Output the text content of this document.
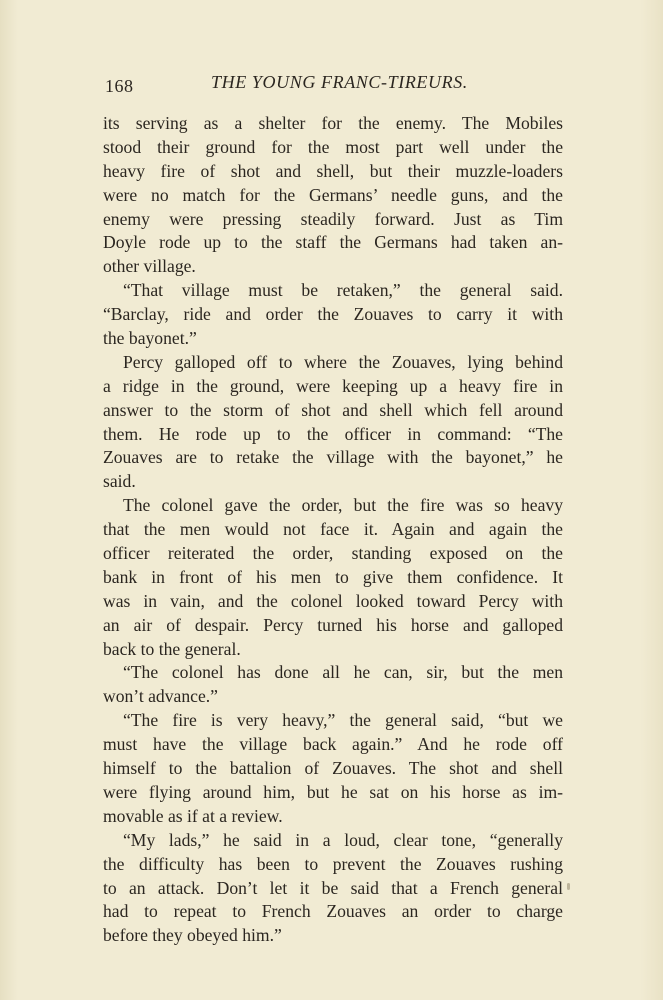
168	THE YOUNG FRANC-TIREURS.
its serving as a shelter for the enemy. The Mobiles
stood their ground for the most part well under the
heavy fire of shot and shell, but their muzzle-loaders
were no match for the Germans’ needle guns, and the
enemy were pressing steadily forward. Just as Tim
Doyle rode up to the staff the Germans had taken an-
other village.
“That village must be retaken,” the general said.
“Barclay, ride and order the Zouaves to carry it with
the bayonet.”
Percy galloped off to where the Zouaves, lying behind
a ridge in the ground, were keeping up a heavy fire in
answer to the storm of shot and shell which fell around
them. He rode up to the officer in command: “The
Zouaves are to retake the village with the bayonet,” he
said.
The colonel gave the order, but the fire was so heavy
that the men would not face it. Again and again the
officer reiterated the order, standing exposed on the
bank in front of his men to give them confidence. It
was in vain, and the colonel looked toward Percy with
an air of despair. Percy turned his horse and galloped
back to the general.
“The colonel has done all he can, sir, but the men
won’t advance.”
“The fire is very heavy,” the general said, “but we
must have the village back again.” And he rode off
himself to the battalion of Zouaves. The shot and shell
were flying around him, but he sat on his horse as im-
movable as if at a review.
“My lads,” he said in a loud, clear tone, “generally
the difficulty has been to prevent the Zouaves rushing
to an attack. Don’t let it be said that a French general
had to repeat to French Zouaves an order to charge
before they obeyed him.”
